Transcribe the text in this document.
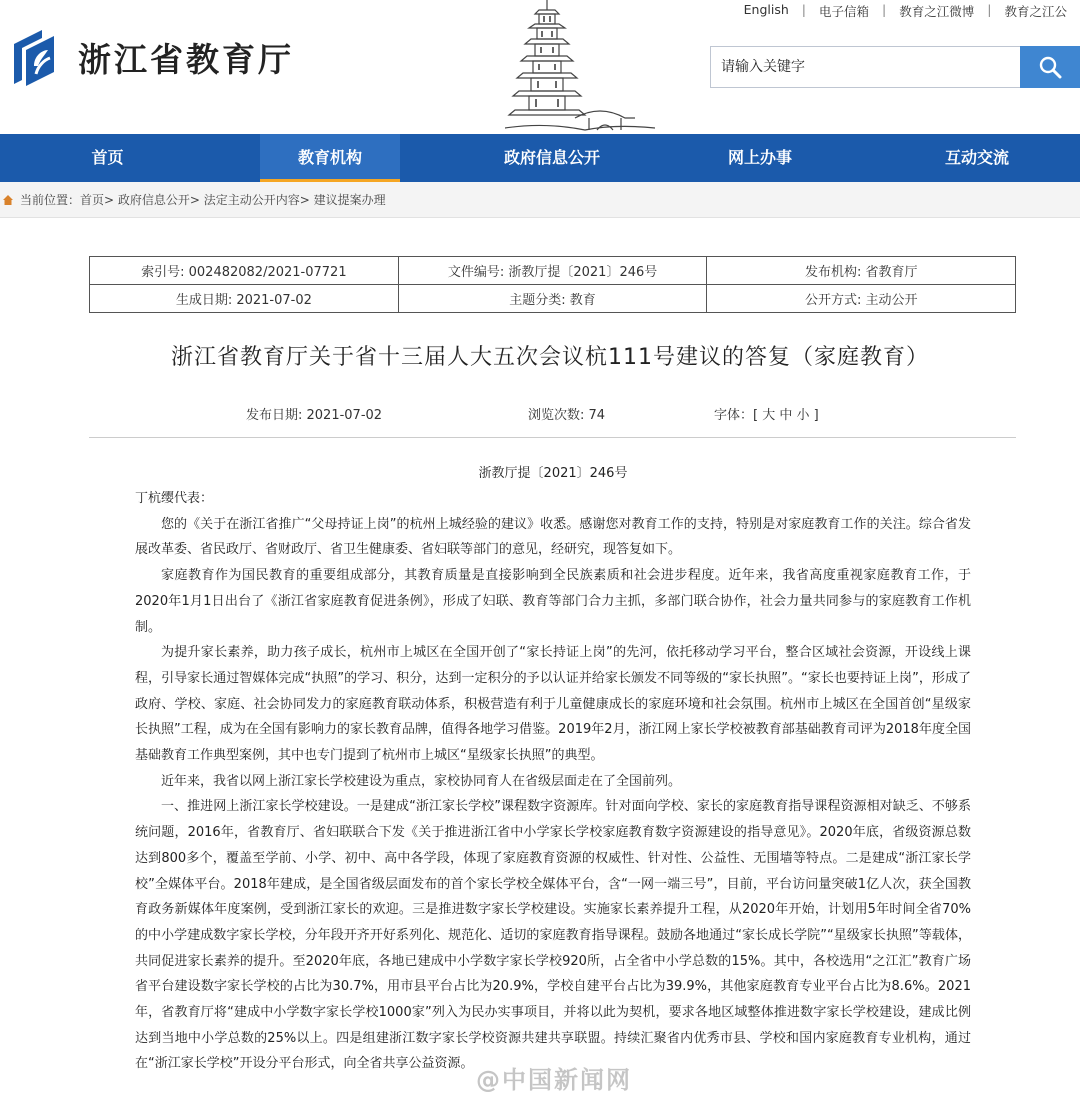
浙江省教育厅
English	|	电子信箱	|	教育之江微博	|	教育之江公
请输入关键字
首页	教育机构	政府信息公开	网上办事	互动交流
当前位置：首页> 政府信息公开> 法定主动公开内容> 建议提案办理
索引号: 002482082/2021-07721	文件编号: 浙教厅提〔2021〕246号	发布机构: 省教育厅
生成日期: 2021-07-02	主题分类: 教育	公开方式: 主动公开
浙江省教育厅关于省十三届人大五次会议杭111号建议的答复（家庭教育）
发布日期: 2021-07-02	浏览次数: 74	字体：[ 大 中 小 ]
浙教厅提〔2021〕246号

丁杭缨代表：

您的《关于在浙江省推广“父母持证上岗”的杭州上城经验的建议》收悉。感谢您对教育工作的支持，特别是对家庭教育工作的关注。综合省发展改革委、省民政厅、省财政厅、省卫生健康委、省妇联等部门的意见，经研究，现答复如下。

家庭教育作为国民教育的重要组成部分，其教育质量是直接影响到全民族素质和社会进步程度。近年来，我省高度重视家庭教育工作，于2020年1月1日出台了《浙江省家庭教育促进条例》，形成了妇联、教育等部门合力主抓，多部门联合协作，社会力量共同参与的家庭教育工作机制。

为提升家长素养，助力孩子成长，杭州市上城区在全国开创了“家长持证上岗”的先河，依托移动学习平台，整合区域社会资源，开设线上课程，引导家长通过智媒体完成“执照”的学习、积分，达到一定积分的予以认证并给家长颁发不同等级的“家长执照”。“家长也要持证上岗”，形成了政府、学校、家庭、社会协同发力的家庭教育联动体系，积极营造有利于儿童健康成长的家庭环境和社会氛围。杭州市上城区在全国首创“星级家长执照”工程，成为在全国有影响力的家长教育品牌，值得各地学习借鉴。2019年2月，浙江网上家长学校被教育部基础教育司评为2018年度全国基础教育工作典型案例，其中也专门提到了杭州市上城区“星级家长执照”的典型。

近年来，我省以网上浙江家长学校建设为重点，家校协同育人在省级层面走在了全国前列。

一、推进网上浙江家长学校建设。一是建成“浙江家长学校”课程数字资源库。针对面向学校、家长的家庭教育指导课程资源相对缺乏、不够系统问题，2016年，省教育厅、省妇联联合下发《关于推进浙江省中小学家长学校家庭教育数字资源建设的指导意见》。2020年底，省级资源总数达到800多个，覆盖至学前、小学、初中、高中各学段，体现了家庭教育资源的权威性、针对性、公益性、无围墙等特点。二是建成“浙江家长学校”全媒体平台。2018年建成，是全国省级层面发布的首个家长学校全媒体平台，含“一网一端三号”，目前，平台访问量突破1亿人次，获全国教育政务新媒体年度案例，受到浙江家长的欢迎。三是推进数字家长学校建设。实施家长素养提升工程，从2020年开始，计划用5年时间全省70%的中小学建成数字家长学校，分年段开齐开好系列化、规范化、适切的家庭教育指导课程。鼓励各地通过“家长成长学院”“星级家长执照”等载体，共同促进家长素养的提升。至2020年底，各地已建成中小学数字家长学校920所，占全省中小学总数的15%。其中，各校选用“之江汇”教育广场省平台建设数字家长学校的占比为30.7%，用市县平台占比为20.9%，学校自建平台占比为39.9%，其他家庭教育专业平台占比为8.6%。2021年，省教育厅将“建成中小学数字家长学校1000家”列入为民办实事项目，并将以此为契机，要求各地区域整体推进数字家长学校建设，建成比例达到当地中小学总数的25%以上。四是组建浙江数字家长学校资源共建共享联盟。持续汇聚省内优秀市县、学校和国内家庭教育专业机构，通过在“浙江家长学校”开设分平台形式，向全省共享公益资源。

@中国新闻网
